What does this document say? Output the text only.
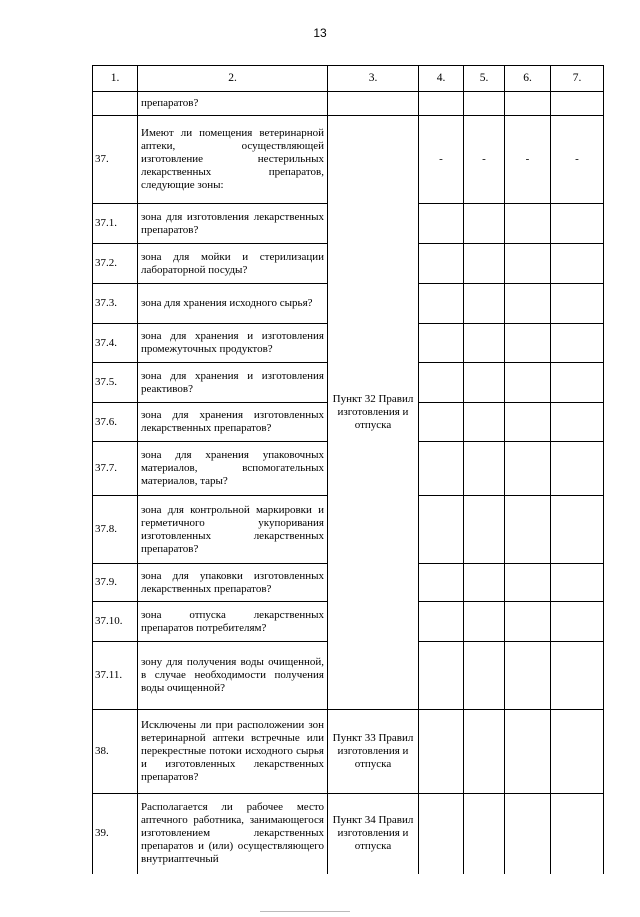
13
1.	2.	3.	4.	5.	6.	7.
	препаратов?					
37.	Имеют ли помещения ветеринарной аптеки, осуществляющей изготовление нестерильных лекарственных препаратов, следующие зоны:	Пункт 32 Правил изготовления и отпуска	-	-	-	-
37.1.	зона для изготовления лекарственных препаратов?					
37.2.	зона для мойки и стерилизации лабораторной посуды?					
37.3.	зона для хранения исходного сырья?					
37.4.	зона для хранения и изготовления промежуточных продуктов?					
37.5.	зона для хранения и изготовления реактивов?					
37.6.	зона для хранения изготовленных лекарственных препаратов?					
37.7.	зона для хранения упаковочных материалов, вспомогательных материалов, тары?					
37.8.	зона для контрольной маркировки и герметичного укупоривания изготовленных лекарственных препаратов?					
37.9.	зона для упаковки изготовленных лекарственных препаратов?					
37.10.	зона отпуска лекарственных препаратов потребителям?					
37.11.	зону для получения воды очищенной, в случае необходимости получения воды очищенной?					
38.	Исключены ли при расположении зон ветеринарной аптеки встречные или перекрестные потоки исходного сырья и изготовленных лекарственных препаратов?	Пункт 33 Правил изготовления и отпуска				
39.	Располагается ли рабочее место аптечного работника, занимающегося изготовлением лекарственных препаратов и (или) осуществляющего внутриаптечный	Пункт 34 Правил изготовления и отпуска				
